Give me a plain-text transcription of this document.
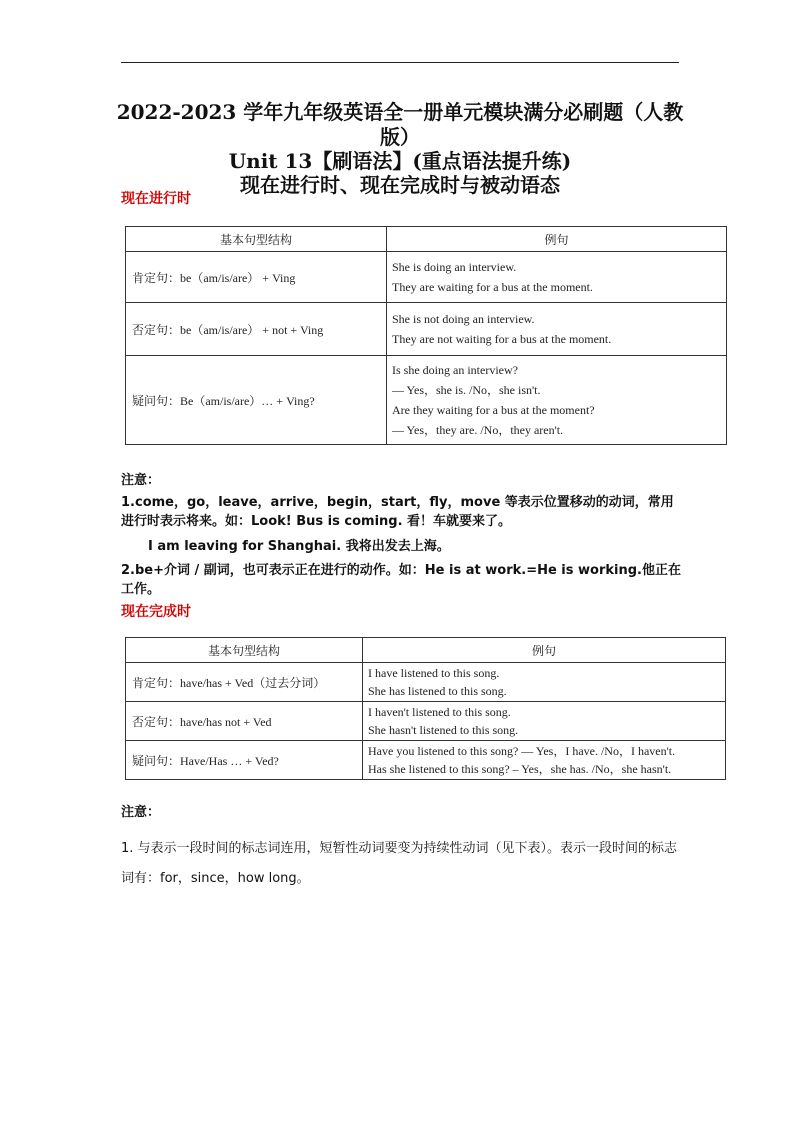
2022-2023 学年九年级英语全一册单元模块满分必刷题（人教
版）
Unit 13【刷语法】(重点语法提升练)
现在进行时、现在完成时与被动语态
现在进行时
基本句型结构	例句
肯定句：be（am/is/are） + Ving	She is doing an interview.
They are waiting for a bus at the moment.

否定句：be（am/is/are） + not + Ving	She is not doing an interview.
They are not waiting for a bus at the moment.

疑问句：Be（am/is/are）… + Ving?	Is she doing an interview?
— Yes，she is. /No，she isn't.
Are they waiting for a bus at the moment?
— Yes，they are. /No，they aren't.
注意：
1.come，go，leave，arrive，begin，start，fly，move 等表示位置移动的动词，常用进行时表示将来。如：Look! Bus is coming. 看！车就要来了。
I am leaving for Shanghai. 我将出发去上海。
2.be+介词 / 副词，也可表示正在进行的动作。如：He is at work.=He is working.他正在工作。
现在完成时
基本句型结构	例句
肯定句：have/has + Ved（过去分词）	I have listened to this song.
She has listened to this song.

否定句：have/has not + Ved	I haven't listened to this song.
She hasn't listened to this song.

疑问句：Have/Has … + Ved?	Have you listened to this song? — Yes，I have. /No，I haven't.
Has she listened to this song? – Yes，she has. /No，she hasn't.
注意：
1. 与表示一段时间的标志词连用，短暂性动词要变为持续性动词（见下表）。表示一段时间的标志词有：for，since，how long。
